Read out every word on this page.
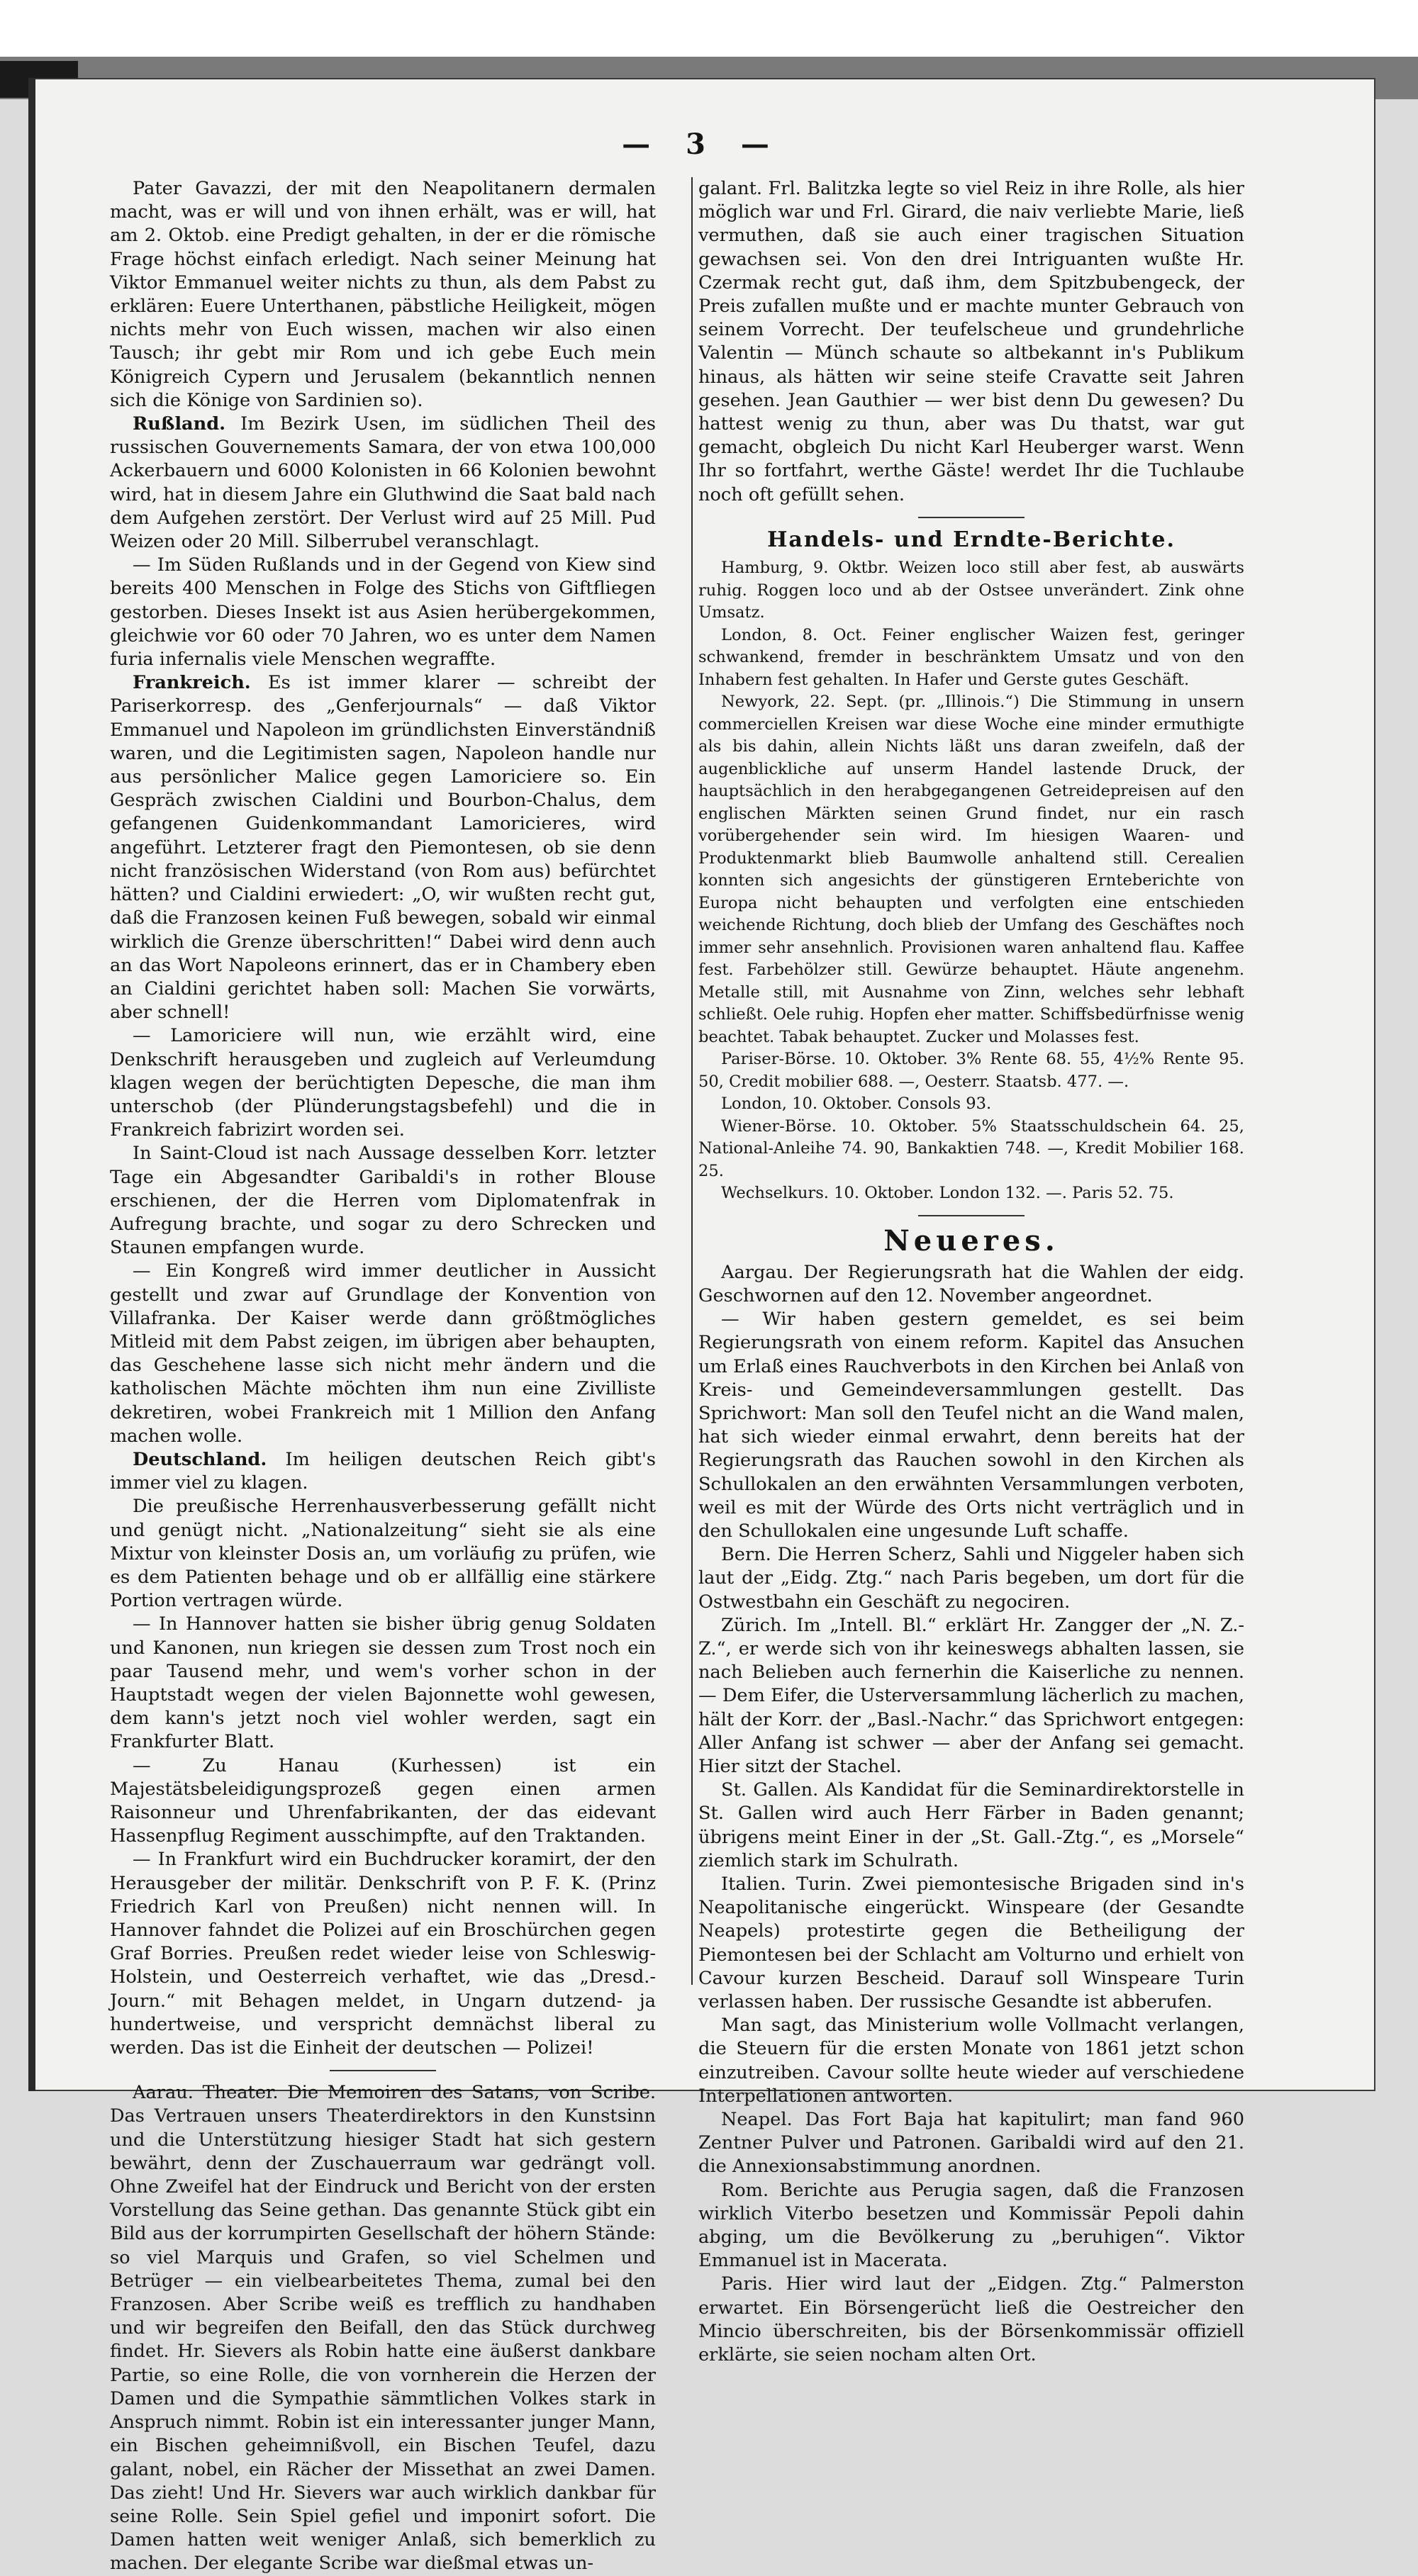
— 3 —

Pater Gavazzi, der mit den Neapolitanern dermalen macht, was er will und von ihnen erhält, was er will, hat am 2. Oktob. eine Predigt gehalten, in der er die römische Frage höchst einfach erledigt. Nach seiner Meinung hat Viktor Emmanuel weiter nichts zu thun, als dem Pabst zu erklären: Euere Unterthanen, päbstliche Heiligkeit, mögen nichts mehr von Euch wissen, machen wir also einen Tausch; ihr gebt mir Rom und ich gebe Euch mein Königreich Cypern und Jerusalem (bekanntlich nennen sich die Könige von Sardinien so).

Rußland. Im Bezirk Usen, im südlichen Theil des russischen Gouvernements Samara, der von etwa 100,000 Ackerbauern und 6000 Kolonisten in 66 Kolonien bewohnt wird, hat in diesem Jahre ein Gluthwind die Saat bald nach dem Aufgehen zerstört. Der Verlust wird auf 25 Mill. Pud Weizen oder 20 Mill. Silberrubel veranschlagt.

— Im Süden Rußlands und in der Gegend von Kiew sind bereits 400 Menschen in Folge des Stichs von Giftfliegen gestorben. Dieses Insekt ist aus Asien herübergekommen, gleichwie vor 60 oder 70 Jahren, wo es unter dem Namen furia infernalis viele Menschen wegraffte.

Frankreich. Es ist immer klarer — schreibt der Pariserkorresp. des „Genferjournals“ — daß Viktor Emmanuel und Napoleon im gründlichsten Einverständniß waren, und die Legitimisten sagen, Napoleon handle nur aus persönlicher Malice gegen Lamoriciere so. Ein Gespräch zwischen Cialdini und Bourbon-Chalus, dem gefangenen Guidenkommandant Lamoricieres, wird angeführt. Letzterer fragt den Piemontesen, ob sie denn nicht französischen Widerstand (von Rom aus) befürchtet hätten? und Cialdini erwiedert: „O, wir wußten recht gut, daß die Franzosen keinen Fuß bewegen, sobald wir einmal wirklich die Grenze überschritten!“ Dabei wird denn auch an das Wort Napoleons erinnert, das er in Chambery eben an Cialdini gerichtet haben soll: Machen Sie vorwärts, aber schnell!

— Lamoriciere will nun, wie erzählt wird, eine Denkschrift herausgeben und zugleich auf Verleumdung klagen wegen der berüchtigten Depesche, die man ihm unterschob (der Plünderungstagsbefehl) und die in Frankreich fabrizirt worden sei.

In Saint-Cloud ist nach Aussage desselben Korr. letzter Tage ein Abgesandter Garibaldi's in rother Blouse erschienen, der die Herren vom Diplomatenfrak in Aufregung brachte, und sogar zu dero Schrecken und Staunen empfangen wurde.

— Ein Kongreß wird immer deutlicher in Aussicht gestellt und zwar auf Grundlage der Konvention von Villafranka. Der Kaiser werde dann größtmögliches Mitleid mit dem Pabst zeigen, im übrigen aber behaupten, das Geschehene lasse sich nicht mehr ändern und die katholischen Mächte möchten ihm nun eine Zivilliste dekretiren, wobei Frankreich mit 1 Million den Anfang machen wolle.

Deutschland. Im heiligen deutschen Reich gibt's immer viel zu klagen.

Die preußische Herrenhausverbesserung gefällt nicht und genügt nicht. „Nationalzeitung“ sieht sie als eine Mixtur von kleinster Dosis an, um vorläufig zu prüfen, wie es dem Patienten behage und ob er allfällig eine stärkere Portion vertragen würde.

— In Hannover hatten sie bisher übrig genug Soldaten und Kanonen, nun kriegen sie dessen zum Trost noch ein paar Tausend mehr, und wem's vorher schon in der Hauptstadt wegen der vielen Bajonnette wohl gewesen, dem kann's jetzt noch viel wohler werden, sagt ein Frankfurter Blatt.

— Zu Hanau (Kurhessen) ist ein Majestätsbeleidigungsprozeß gegen einen armen Raisonneur und Uhrenfabrikanten, der das eidevant Hassenpflug Regiment ausschimpfte, auf den Traktanden.

— In Frankfurt wird ein Buchdrucker koramirt, der den Herausgeber der militär. Denkschrift von P. F. K. (Prinz Friedrich Karl von Preußen) nicht nennen will. In Hannover fahndet die Polizei auf ein Broschürchen gegen Graf Borries. Preußen redet wieder leise von Schleswig-Holstein, und Oesterreich verhaftet, wie das „Dresd.-Journ.“ mit Behagen meldet, in Ungarn dutzend- ja hundertweise, und verspricht demnächst liberal zu werden. Das ist die Einheit der deutschen — Polizei!

Aarau. Theater. Die Memoiren des Satans, von Scribe. Das Vertrauen unsers Theaterdirektors in den Kunstsinn und die Unterstützung hiesiger Stadt hat sich gestern bewährt, denn der Zuschauerraum war gedrängt voll. Ohne Zweifel hat der Eindruck und Bericht von der ersten Vorstellung das Seine gethan. Das genannte Stück gibt ein Bild aus der korrumpirten Gesellschaft der höhern Stände: so viel Marquis und Grafen, so viel Schelmen und Betrüger — ein vielbearbeitetes Thema, zumal bei den Franzosen. Aber Scribe weiß es trefflich zu handhaben und wir begreifen den Beifall, den das Stück durchweg findet. Hr. Sievers als Robin hatte eine äußerst dankbare Partie, so eine Rolle, die von vornherein die Herzen der Damen und die Sympathie sämmtlichen Volkes stark in Anspruch nimmt. Robin ist ein interessanter junger Mann, ein Bischen geheimnißvoll, ein Bischen Teufel, dazu galant, nobel, ein Rächer der Missethat an zwei Damen. Das zieht! Und Hr. Sievers war auch wirklich dankbar für seine Rolle. Sein Spiel gefiel und imponirt sofort. Die Damen hatten weit weniger Anlaß, sich bemerklich zu machen. Der elegante Scribe war dießmal etwas un-

galant. Frl. Balitzka legte so viel Reiz in ihre Rolle, als hier möglich war und Frl. Girard, die naiv verliebte Marie, ließ vermuthen, daß sie auch einer tragischen Situation gewachsen sei. Von den drei Intriguanten wußte Hr. Czermak recht gut, daß ihm, dem Spitzbubengeck, der Preis zufallen mußte und er machte munter Gebrauch von seinem Vorrecht. Der teufelscheue und grundehrliche Valentin — Münch schaute so altbekannt in's Publikum hinaus, als hätten wir seine steife Cravatte seit Jahren gesehen. Jean Gauthier — wer bist denn Du gewesen? Du hattest wenig zu thun, aber was Du thatst, war gut gemacht, obgleich Du nicht Karl Heuberger warst. Wenn Ihr so fortfahrt, werthe Gäste! werdet Ihr die Tuchlaube noch oft gefüllt sehen.

Handels- und Erndte-Berichte.

Hamburg, 9. Oktbr. Weizen loco still aber fest, ab auswärts ruhig. Roggen loco und ab der Ostsee unverändert. Zink ohne Umsatz.

London, 8. Oct. Feiner englischer Waizen fest, geringer schwankend, fremder in beschränktem Umsatz und von den Inhabern fest gehalten. In Hafer und Gerste gutes Geschäft.

Newyork, 22. Sept. (pr. „Illinois.“) Die Stimmung in unsern commerciellen Kreisen war diese Woche eine minder ermuthigte als bis dahin, allein Nichts läßt uns daran zweifeln, daß der augenblickliche auf unserm Handel lastende Druck, der hauptsächlich in den herabgegangenen Getreidepreisen auf den englischen Märkten seinen Grund findet, nur ein rasch vorübergehender sein wird. Im hiesigen Waaren- und Produktenmarkt blieb Baumwolle anhaltend still. Cerealien konnten sich angesichts der günstigeren Ernteberichte von Europa nicht behaupten und verfolgten eine entschieden weichende Richtung, doch blieb der Umfang des Geschäftes noch immer sehr ansehnlich. Provisionen waren anhaltend flau. Kaffee fest. Farbehölzer still. Gewürze behauptet. Häute angenehm. Metalle still, mit Ausnahme von Zinn, welches sehr lebhaft schließt. Oele ruhig. Hopfen eher matter. Schiffsbedürfnisse wenig beachtet. Tabak behauptet. Zucker und Molasses fest.

Pariser-Börse. 10. Oktober. 3% Rente 68. 55, 4½% Rente 95. 50, Credit mobilier 688. —, Oesterr. Staatsb. 477. —.

London, 10. Oktober. Consols 93.

Wiener-Börse. 10. Oktober. 5% Staatsschuldschein 64. 25, National-Anleihe 74. 90, Bankaktien 748. —, Kredit Mobilier 168. 25.

Wechselkurs. 10. Oktober. London 132. —. Paris 52. 75.

Neueres.

Aargau. Der Regierungsrath hat die Wahlen der eidg. Geschwornen auf den 12. November angeordnet.

— Wir haben gestern gemeldet, es sei beim Regierungsrath von einem reform. Kapitel das Ansuchen um Erlaß eines Rauchverbots in den Kirchen bei Anlaß von Kreis- und Gemeindeversammlungen gestellt. Das Sprichwort: Man soll den Teufel nicht an die Wand malen, hat sich wieder einmal erwahrt, denn bereits hat der Regierungsrath das Rauchen sowohl in den Kirchen als Schullokalen an den erwähnten Versammlungen verboten, weil es mit der Würde des Orts nicht verträglich und in den Schullokalen eine ungesunde Luft schaffe.

Bern. Die Herren Scherz, Sahli und Niggeler haben sich laut der „Eidg. Ztg.“ nach Paris begeben, um dort für die Ostwestbahn ein Geschäft zu negociren.

Zürich. Im „Intell. Bl.“ erklärt Hr. Zangger der „N. Z.-Z.“, er werde sich von ihr keineswegs abhalten lassen, sie nach Belieben auch fernerhin die Kaiserliche zu nennen. — Dem Eifer, die Usterversammlung lächerlich zu machen, hält der Korr. der „Basl.-Nachr.“ das Sprichwort entgegen: Aller Anfang ist schwer — aber der Anfang sei gemacht. Hier sitzt der Stachel.

St. Gallen. Als Kandidat für die Seminardirektorstelle in St. Gallen wird auch Herr Färber in Baden genannt; übrigens meint Einer in der „St. Gall.-Ztg.“, es „Morsele“ ziemlich stark im Schulrath.

Italien. Turin. Zwei piemontesische Brigaden sind in's Neapolitanische eingerückt. Winspeare (der Gesandte Neapels) protestirte gegen die Betheiligung der Piemontesen bei der Schlacht am Volturno und erhielt von Cavour kurzen Bescheid. Darauf soll Winspeare Turin verlassen haben. Der russische Gesandte ist abberufen.

Man sagt, das Ministerium wolle Vollmacht verlangen, die Steuern für die ersten Monate von 1861 jetzt schon einzutreiben. Cavour sollte heute wieder auf verschiedene Interpellationen antworten.

Neapel. Das Fort Baja hat kapitulirt; man fand 960 Zentner Pulver und Patronen. Garibaldi wird auf den 21. die Annexionsabstimmung anordnen.

Rom. Berichte aus Perugia sagen, daß die Franzosen wirklich Viterbo besetzen und Kommissär Pepoli dahin abging, um die Bevölkerung zu „beruhigen“. Viktor Emmanuel ist in Macerata.

Paris. Hier wird laut der „Eidgen. Ztg.“ Palmerston erwartet. Ein Börsengerücht ließ die Oestreicher den Mincio überschreiten, bis der Börsenkommissär offiziell erklärte, sie seien nocham alten Ort.
